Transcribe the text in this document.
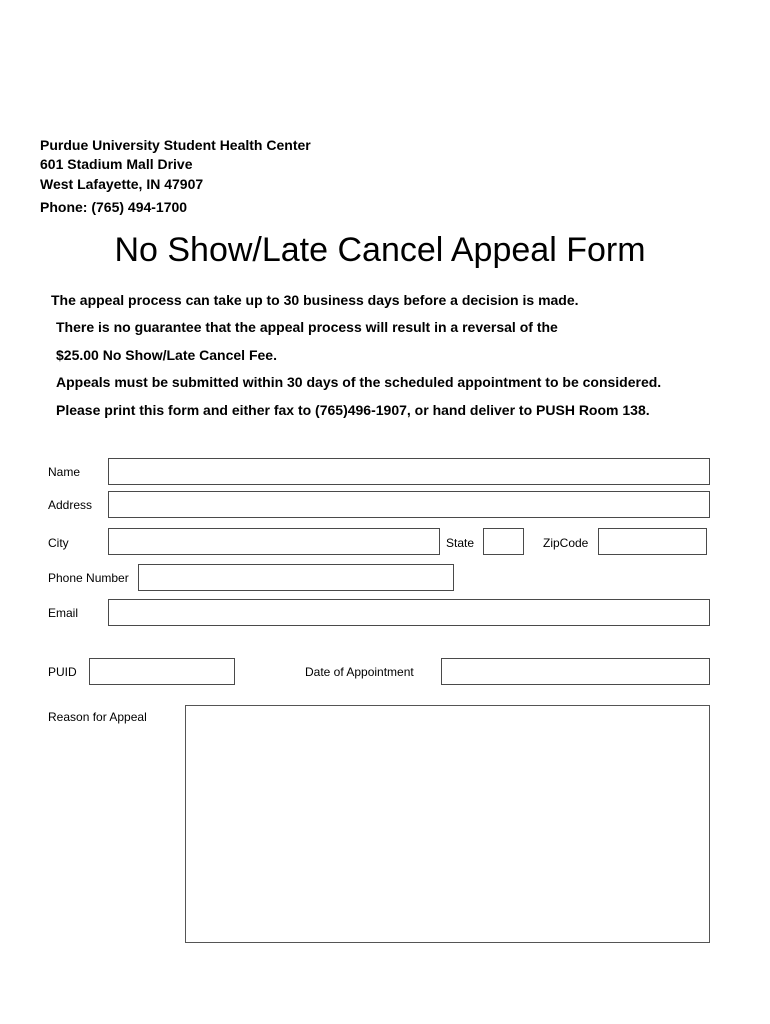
Purdue University Student Health Center
601 Stadium Mall Drive
West Lafayette, IN 47907
Phone: (765) 494-1700
No Show/Late Cancel Appeal Form
The appeal process can take up to 30 business days before a decision is made.
There is no guarantee that the appeal process will result in a reversal of the
$25.00 No Show/Late Cancel Fee.
Appeals must be submitted within 30 days of the scheduled appointment to be considered.
Please print this form and either fax to (765)496-1907, or hand deliver to PUSH Room 138.
Name
Address
City	State	ZipCode
Phone Number
Email
PUID	Date of Appointment
Reason for Appeal
